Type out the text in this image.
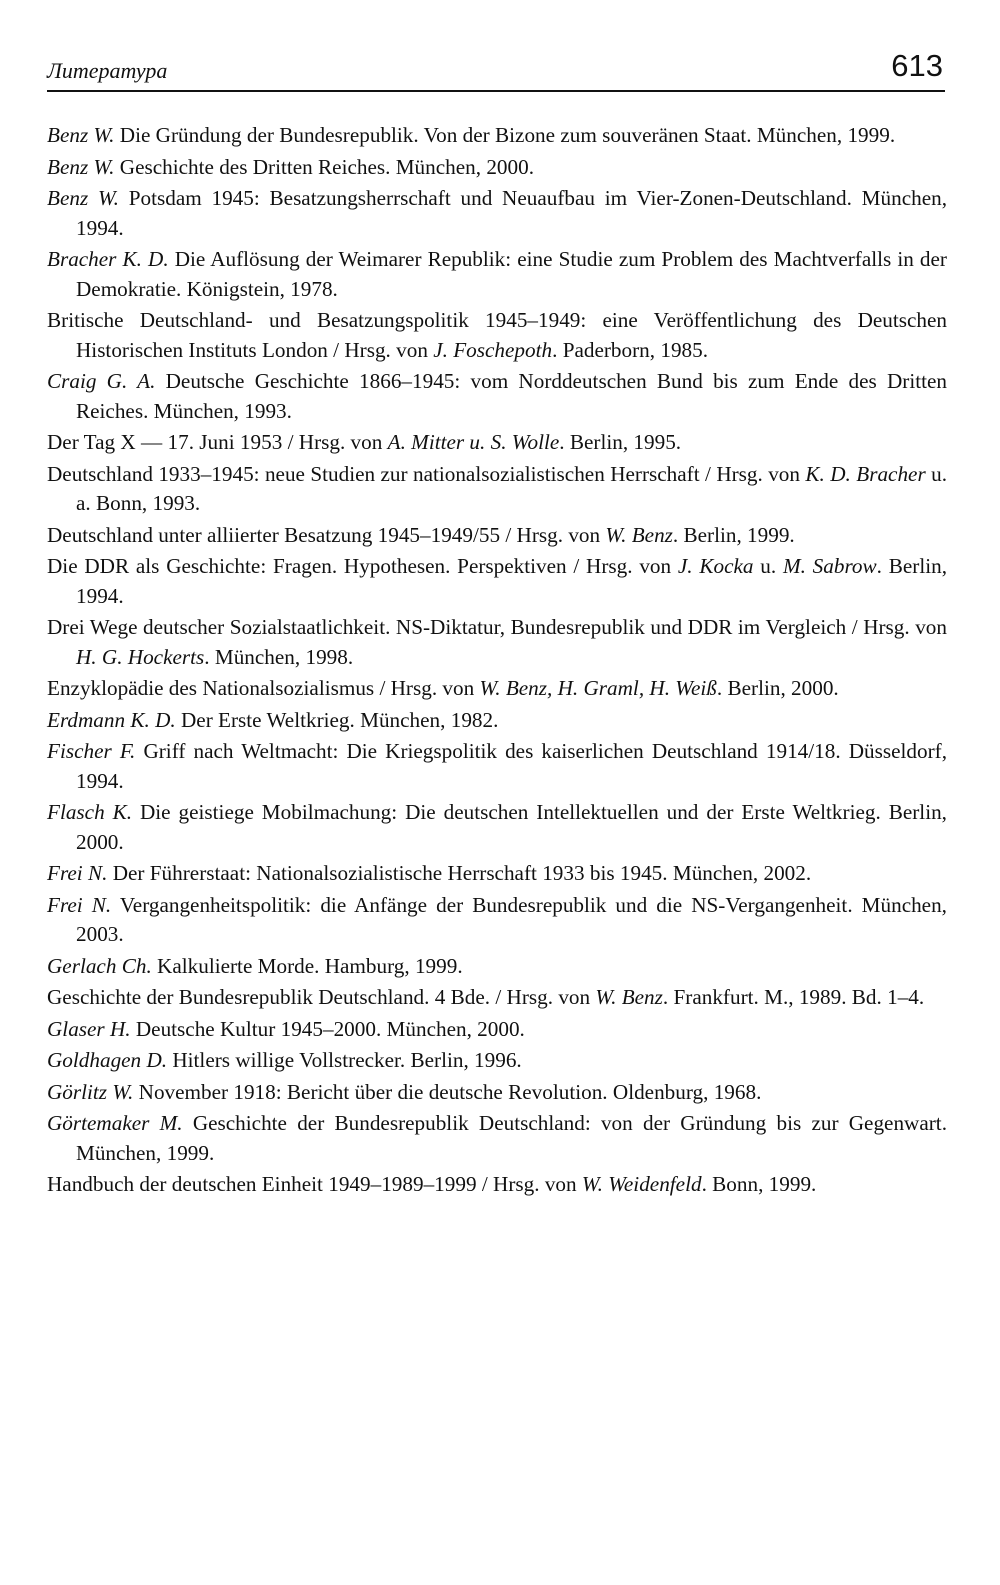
Литература	613

Benz W. Die Gründung der Bundesrepublik. Von der Bizone zum souveränen Staat. München, 1999.

Benz W. Geschichte des Dritten Reiches. München, 2000.

Benz W. Potsdam 1945: Besatzungsherrschaft und Neuaufbau im Vier-Zonen-Deutschland. München, 1994.

Bracher K. D. Die Auflösung der Weimarer Republik: eine Studie zum Problem des Machtverfalls in der Demokratie. Königstein, 1978.

Britische Deutschland- und Besatzungspolitik 1945–1949: eine Veröffentlichung des Deutschen Historischen Instituts London / Hrsg. von J. Foschepoth. Paderborn, 1985.

Craig G. A. Deutsche Geschichte 1866–1945: vom Norddeutschen Bund bis zum Ende des Dritten Reiches. München, 1993.

Der Tag X — 17. Juni 1953 / Hrsg. von A. Mitter u. S. Wolle. Berlin, 1995.

Deutschland 1933–1945: neue Studien zur nationalsozialistischen Herrschaft / Hrsg. von K. D. Bracher u. a. Bonn, 1993.

Deutschland unter alliierter Besatzung 1945–1949/55 / Hrsg. von W. Benz. Berlin, 1999.

Die DDR als Geschichte: Fragen. Hypothesen. Perspektiven / Hrsg. von J. Kocka u. M. Sabrow. Berlin, 1994.

Drei Wege deutscher Sozialstaatlichkeit. NS-Diktatur, Bundesrepublik und DDR im Vergleich / Hrsg. von H. G. Hockerts. München, 1998.

Enzyklopädie des Nationalsozialismus / Hrsg. von W. Benz, H. Graml, H. Weiß. Berlin, 2000.

Erdmann K. D. Der Erste Weltkrieg. München, 1982.

Fischer F. Griff nach Weltmacht: Die Kriegspolitik des kaiserlichen Deutschland 1914/18. Düsseldorf, 1994.

Flasch K. Die geistiege Mobilmachung: Die deutschen Intellektuellen und der Erste Weltkrieg. Berlin, 2000.

Frei N. Der Führerstaat: Nationalsozialistische Herrschaft 1933 bis 1945. München, 2002.

Frei N. Vergangenheitspolitik: die Anfänge der Bundesrepublik und die NS-Vergangenheit. München, 2003.

Gerlach Ch. Kalkulierte Morde. Hamburg, 1999.

Geschichte der Bundesrepublik Deutschland. 4 Bde. / Hrsg. von W. Benz. Frankfurt. M., 1989. Bd. 1–4.

Glaser H. Deutsche Kultur 1945–2000. München, 2000.

Goldhagen D. Hitlers willige Vollstrecker. Berlin, 1996.

Görlitz W. November 1918: Bericht über die deutsche Revolution. Oldenburg, 1968.

Görtemaker M. Geschichte der Bundesrepublik Deutschland: von der Gründung bis zur Gegenwart. München, 1999.

Handbuch der deutschen Einheit 1949–1989–1999 / Hrsg. von W. Weidenfeld. Bonn, 1999.
